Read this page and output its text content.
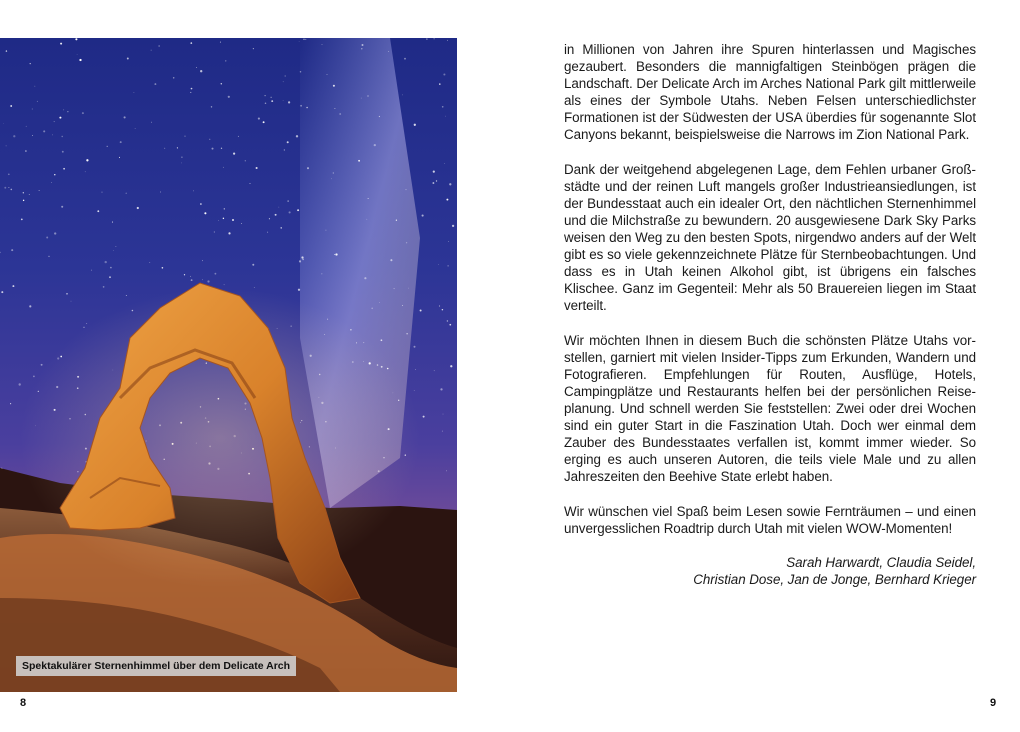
Spektakulärer Sternenhimmel über dem Delicate Arch
8

in Millionen von Jahren ihre Spuren hinterlassen und Magisches gezaubert. Besonders die mannigfaltigen Steinbögen prägen die Landschaft. Der Delicate Arch im Arches National Park gilt mittlerweile als eines der Symbole Utahs. Neben Felsen unterschiedlichster Formationen ist der Südwesten der USA überdies für sogenannte Slot Canyons bekannt, beispielsweise die Narrows im Zion National Park.

Dank der weitgehend abgelegenen Lage, dem Fehlen urbaner Großstädte und der reinen Luft mangels großer Industrieansiedlungen, ist der Bundesstaat auch ein idealer Ort, den nächtlichen Sternenhimmel und die Milchstraße zu bewundern. 20 ausgewiesene Dark Sky Parks weisen den Weg zu den besten Spots, nirgendwo anders auf der Welt gibt es so viele gekennzeichnete Plätze für Sternbeobachtungen. Und dass es in Utah keinen Alkohol gibt, ist übrigens ein falsches Klischee. Ganz im Gegenteil: Mehr als 50 Brauereien liegen im Staat verteilt.

Wir möchten Ihnen in diesem Buch die schönsten Plätze Utahs vorstellen, garniert mit vielen Insider-Tipps zum Erkunden, Wandern und Fotografieren. Empfehlungen für Routen, Ausflüge, Hotels, Campingplätze und Restaurants helfen bei der persönlichen Reiseplanung. Und schnell werden Sie feststellen: Zwei oder drei Wochen sind ein guter Start in die Faszination Utah. Doch wer einmal dem Zauber des Bundesstaates verfallen ist, kommt immer wieder. So erging es auch unseren Autoren, die teils viele Male und zu allen Jahreszeiten den Beehive State erlebt haben.

Wir wünschen viel Spaß beim Lesen sowie Fernträumen – und einen unvergesslichen Roadtrip durch Utah mit vielen WOW-Momenten!

Sarah Harwardt, Claudia Seidel,
Christian Dose, Jan de Jonge, Bernhard Krieger
9
